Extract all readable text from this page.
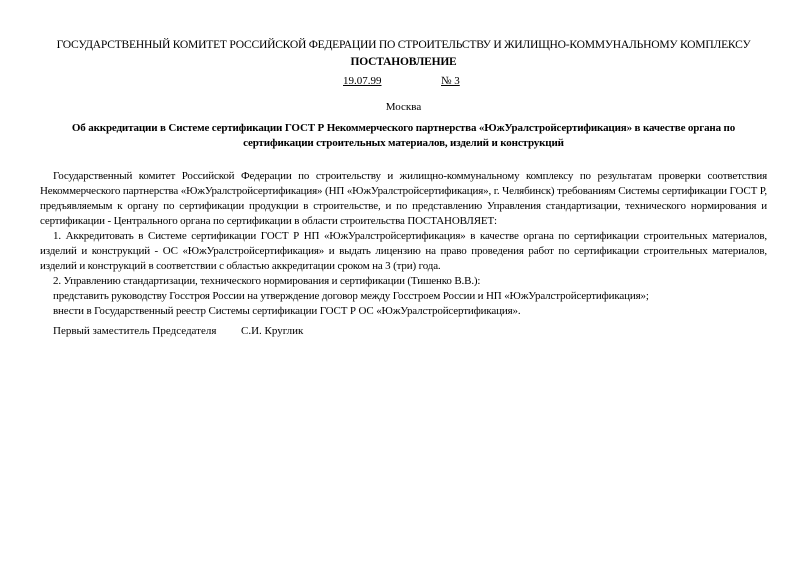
ГОСУДАРСТВЕННЫЙ КОМИТЕТ РОССИЙСКОЙ ФЕДЕРАЦИИ ПО СТРОИТЕЛЬСТВУ И ЖИЛИЩНО-КОММУНАЛЬНОМУ КОМПЛЕКСУ
ПОСТАНОВЛЕНИЕ
19.07.99	№ 3
Москва
Об аккредитации в Системе сертификации ГОСТ Р Некоммерческого партнерства «ЮжУралстройсертификация» в качестве органа по сертификации строительных материалов, изделий и конструкций

Государственный комитет Российской Федерации по строительству и жилищно-коммунальному комплексу по результатам проверки соответствия Некоммерческого партнерства «ЮжУралстройсертификация» (НП «ЮжУралстройсертификация», г. Челябинск) требованиям Системы сертификации ГОСТ Р, предъявляемым к органу по сертификации продукции в строительстве, и по представлению Управления стандартизации, технического нормирования и сертификации - Центрального органа по сертификации в области строительства ПОСТАНОВЛЯЕТ:

1. Аккредитовать в Системе сертификации ГОСТ Р НП «ЮжУралстройсертификация» в качестве органа по сертификации строительных материалов, изделий и конструкций - ОС «ЮжУралстройсертификация» и выдать лицензию на право проведения работ по сертификации строительных материалов, изделий и конструкций в соответствии с областью аккредитации сроком на 3 (три) года.

2. Управлению стандартизации, технического нормирования и сертификации (Тишенко В.В.):

представить руководству Госстроя России на утверждение договор между Госстроем России и НП «ЮжУралстройсертификация»;

внести в Государственный реестр Системы сертификации ГОСТ Р ОС «ЮжУралстройсертификация».

Первый заместитель Председателя С.И. Круглик
